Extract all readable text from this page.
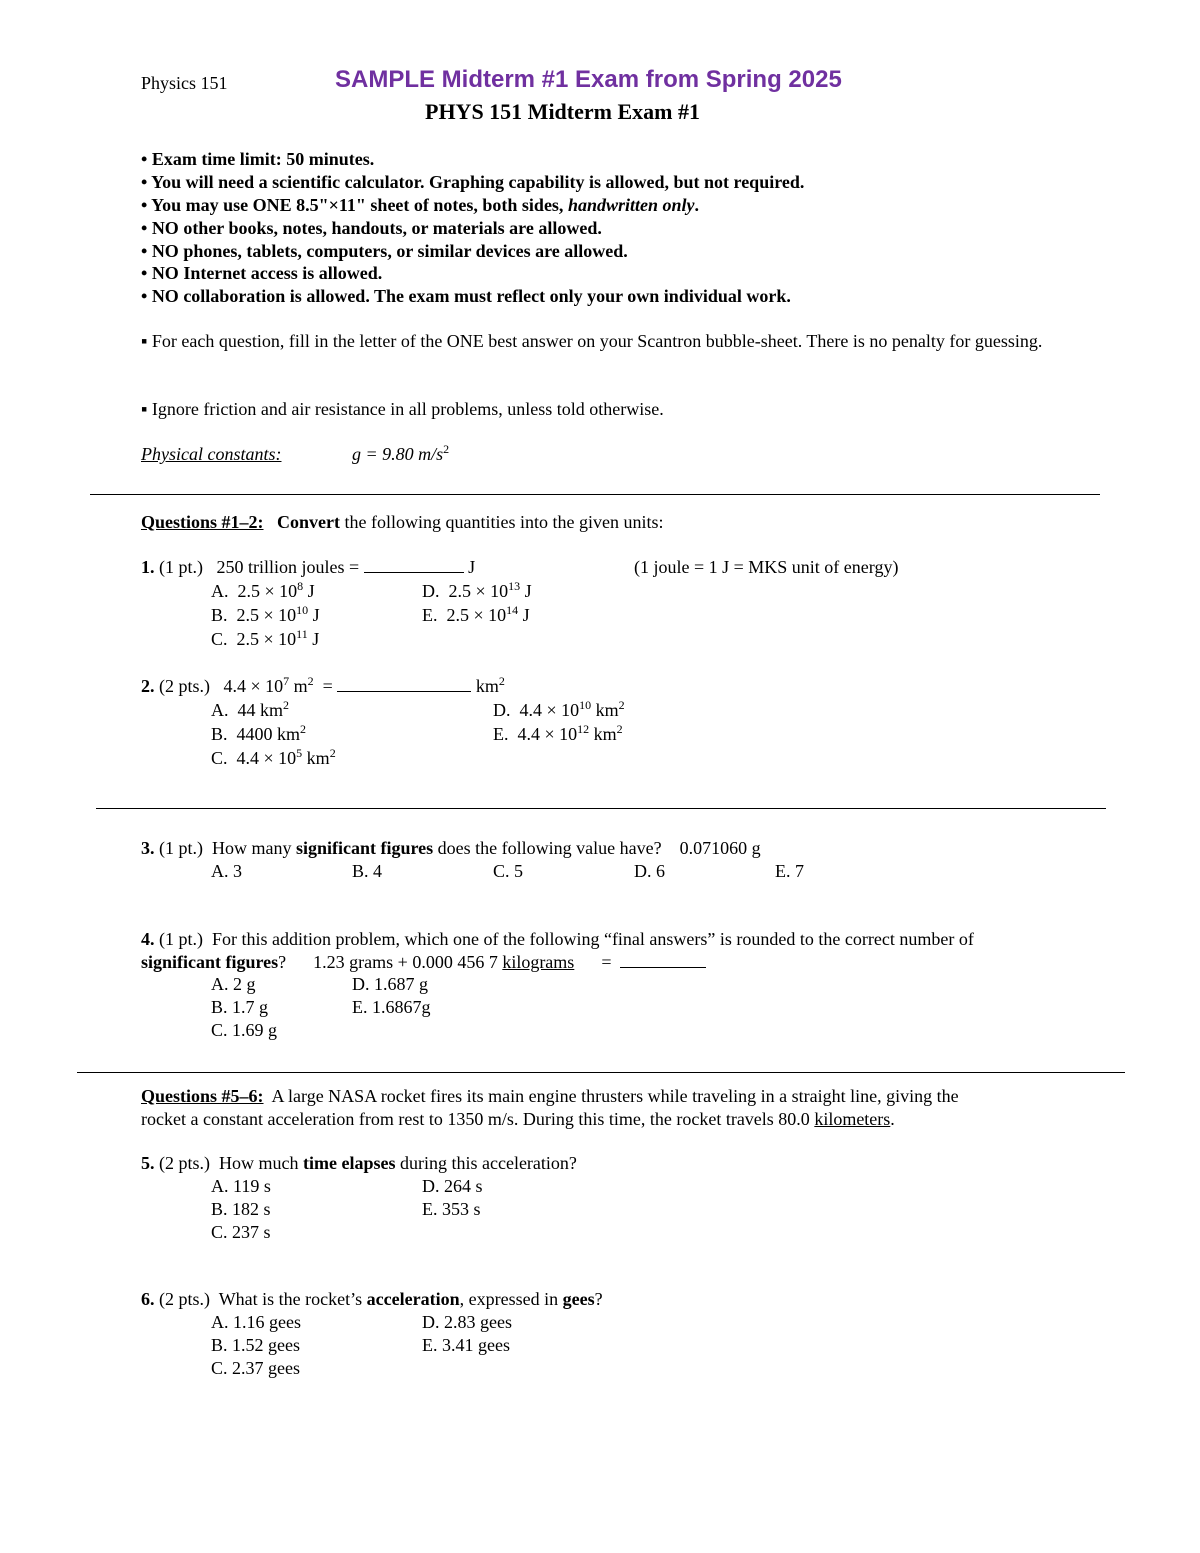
Physics 151	SAMPLE Midterm #1 Exam from Spring 2025
PHYS 151 Midterm Exam #1
• Exam time limit: 50 minutes.
• You will need a scientific calculator. Graphing capability is allowed, but not required.
• You may use ONE 8.5"×11" sheet of notes, both sides, handwritten only.
• NO other books, notes, handouts, or materials are allowed.
• NO phones, tablets, computers, or similar devices are allowed.
• NO Internet access is allowed.
• NO collaboration is allowed. The exam must reflect only your own individual work.
▪ For each question, fill in the letter of the ONE best answer on your Scantron bubble-sheet. There is no penalty for guessing.
▪ Ignore friction and air resistance in all problems, unless told otherwise.
Physical constants:	g = 9.80 $m/s^2$
Questions #1–2: Convert the following quantities into the given units:
1. (1 pt.) 250 trillion joules =	J	(1 joule = 1 J = MKS unit of energy)
A. $2.5 \times 10^8$ J
B. $2.5 \times 10^{10}$ J
C. $2.5 \times 10^{11}$ J
D. $2.5 \times 10^{13}$ J
E. $2.5 \times 10^{14}$ J
2. (2 pts.) $4.4 \times 10^7$ $m^2$ =	$km^2$
A. 44 $km^2$
B. 4400 $km^2$
C. $4.4 \times 10^5$ $km^2$
D. $4.4 \times 10^{10}$ $km^2$
E. $4.4 \times 10^{12}$ $km^2$
3. (1 pt.) How many significant figures does the following value have? 0.071060 g
A. 3	B. 4	C. 5	D. 6	E. 7
4. (1 pt.) For this addition problem, which one of the following “final answers” is rounded to the correct number of
significant figures? 1.23 grams + 0.000 456 7 kilograms =
A. 2 g
B. 1.7 g
C. 1.69 g
D. 1.687 g
E. 1.6867g
Questions #5–6: A large NASA rocket fires its main engine thrusters while traveling in a straight line, giving the
rocket a constant acceleration from rest to 1350 m/s. During this time, the rocket travels 80.0 kilometers.
5. (2 pts.) How much time elapses during this acceleration?
A. 119 s
B. 182 s
C. 237 s
D. 264 s
E. 353 s
6. (2 pts.) What is the rocket’s acceleration, expressed in gees?
A. 1.16 gees
B. 1.52 gees
C. 2.37 gees
D. 2.83 gees
E. 3.41 gees
